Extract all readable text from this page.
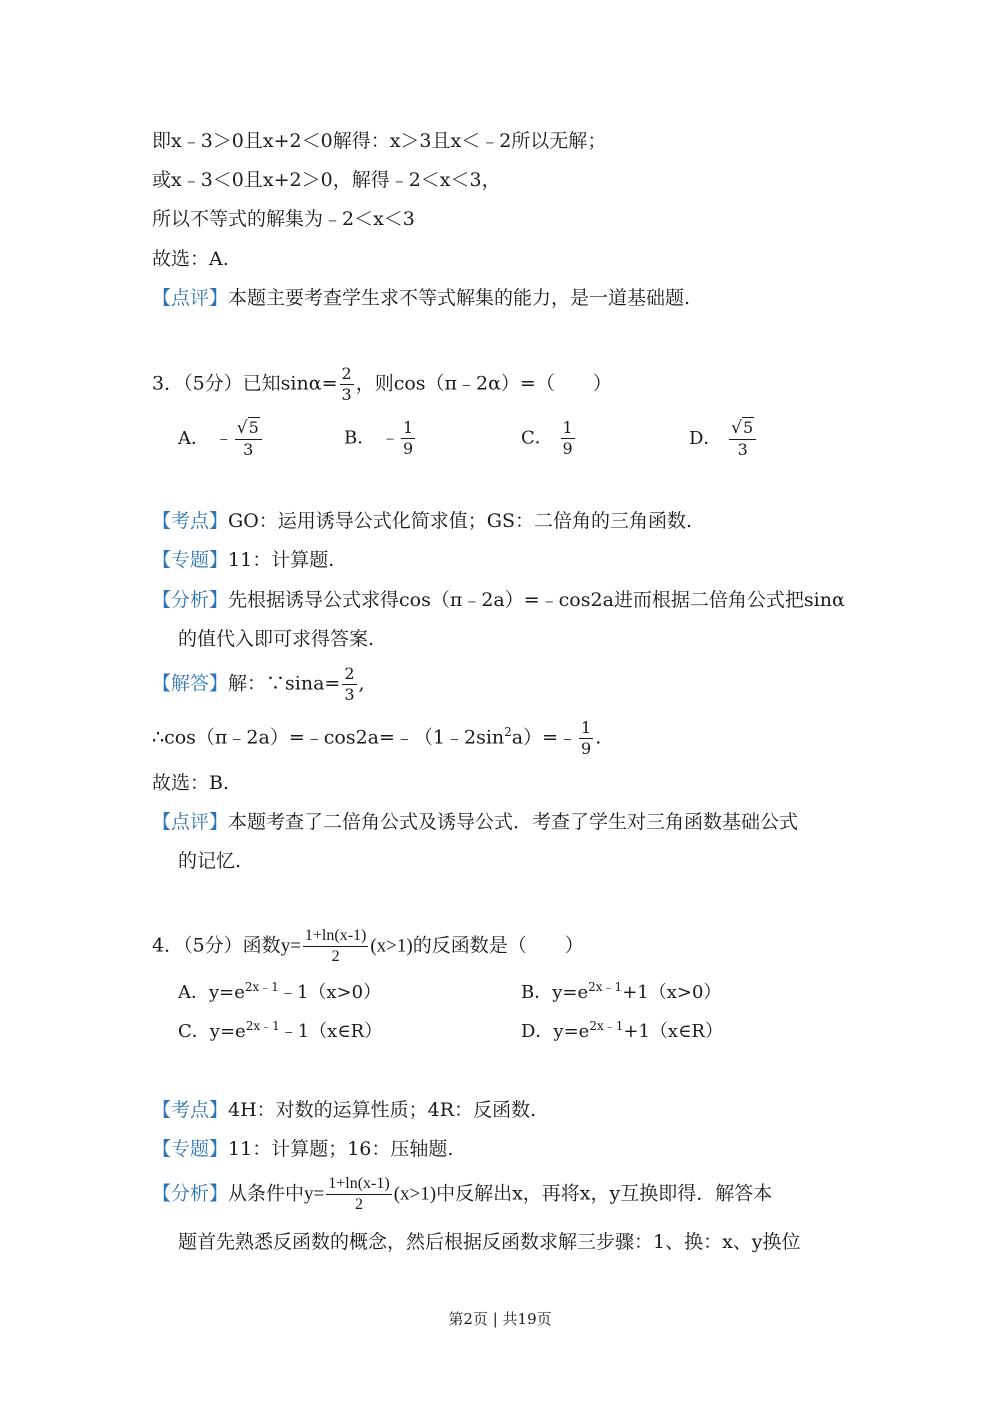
即x﹣3＞0且x+2＜0解得：x＞3且x＜﹣2所以无解；
或x﹣3＜0且x+2＞0，解得﹣2＜x＜3，
所以不等式的解集为﹣2＜x＜3
故选：A.
【点评】本题主要考查学生求不等式解集的能力，是一道基础题.
3．（5分）已知$\sin\alpha= \frac{2}{3}$ ，则cos（π﹣2α）=（　　）
A． ﹣ $\frac{√5}{3}$	B． ﹣ $\frac{1}{9}$	C． $\frac{1}{9}$	D． $\frac{√5}{3}$
【考点】GO：运用诱导公式化简求值；GS：二倍角的三角函数.
【专题】11：计算题.
【分析】先根据诱导公式求得cos（π﹣2a）=﹣cos2a进而根据二倍角公式把sinα
的值代入即可求得答案.
【解答】解：∵sina= $\frac{2}{3}$ ,
$\therefore\cos(\pi﹣2a)=﹣\cos 2a=﹣(1﹣2\sin^2a)=﹣ \frac{1}{9}$ .
故选：B.
【点评】本题考查了二倍角公式及诱导公式．考查了学生对三角函数基础公式
的记忆.
4．（5分）函数$y= \frac{1+\ln(x-1)}{2} (x>1)$的反函数是（　　）
A．$y=e^{2x﹣1}﹣1(x>0)$	B．$y=e^{2x﹣1}+1(x>0)$
C．$y=e^{2x﹣1}﹣1(x\in R)$	D．$y=e^{2x﹣1}+1(x\in R)$
【考点】4H：对数的运算性质；4R：反函数.
【专题】11：计算题；16：压轴题.
【分析】从条件中$y= \frac{1+\ln(x-1)}{2} (x>1)$中反解出x，再将x，y互换即得．解答本
题首先熟悉反函数的概念，然后根据反函数求解三步骤：1、换：x、y换位
第2页 | 共19页
